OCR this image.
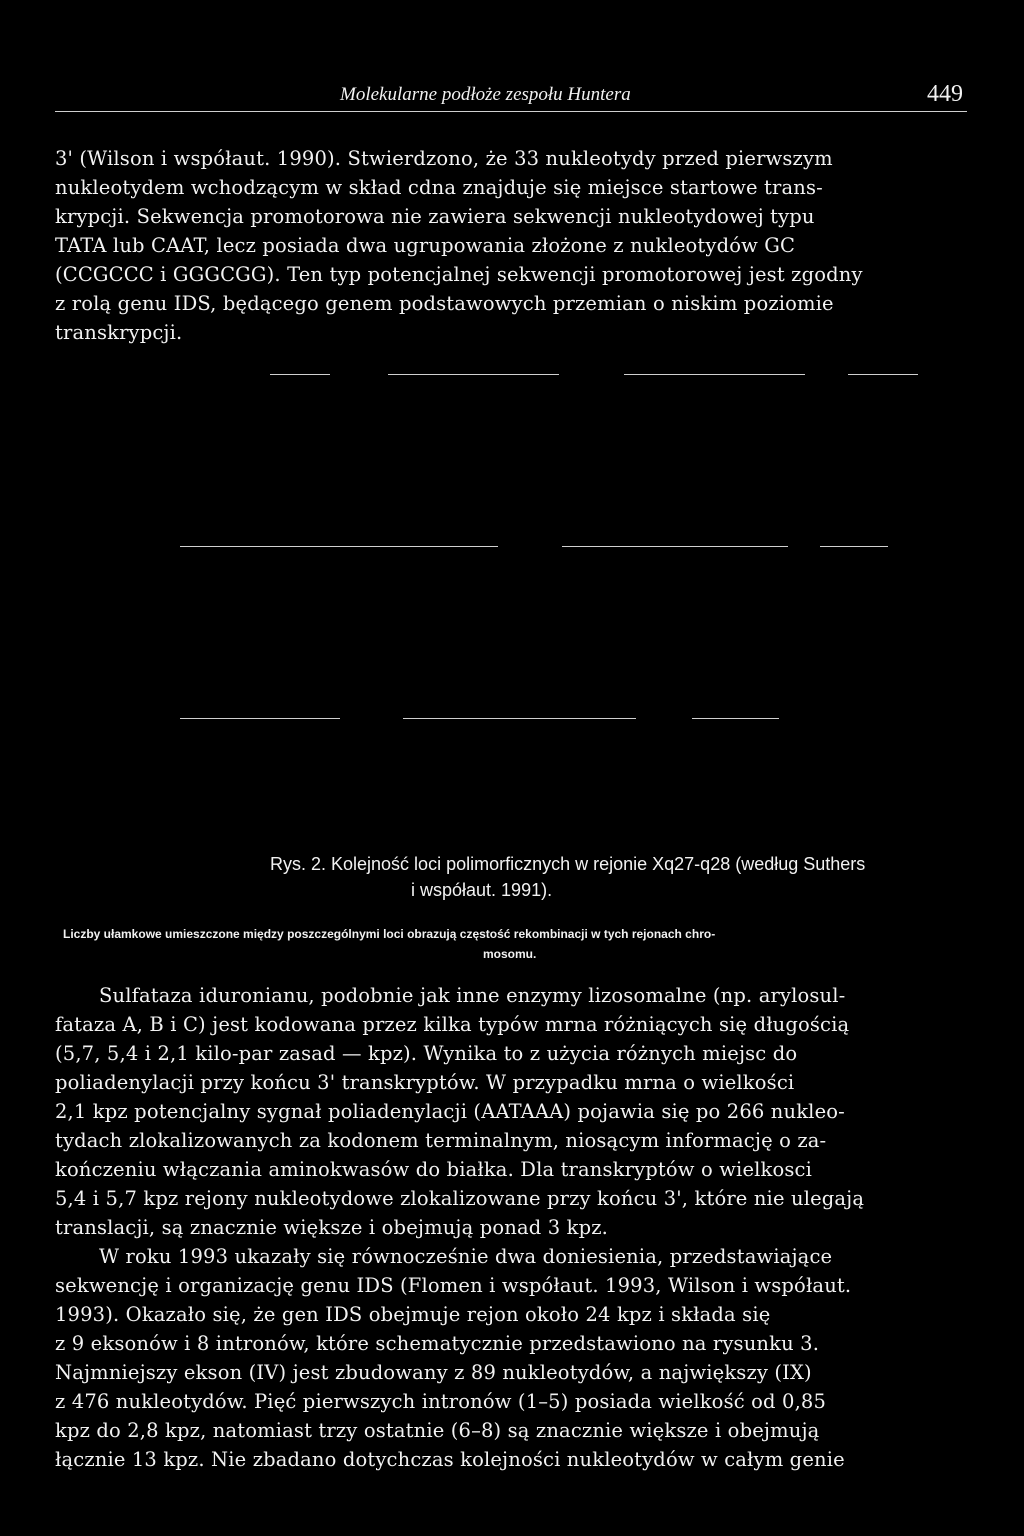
Molekularne podłoże zespołu Huntera	449
3' (Wilson i współaut. 1990). Stwierdzono, że 33 nukleotydy przed pierwszym
nukleotydem wchodzącym w skład cdna znajduje się miejsce startowe trans-
krypcji. Sekwencja promotorowa nie zawiera sekwencji nukleotydowej typu
TATA lub CAAT, lecz posiada dwa ugrupowania złożone z nukleotydów GC
(CCGCCC i GGGCGG). Ten typ potencjalnej sekwencji promotorowej jest zgodny
z rolą genu IDS, będącego genem podstawowych przemian o niskim poziomie
transkrypcji.
Rys. 2. Kolejność loci polimorficznych w rejonie Xq27-q28 (według Suthers
i współaut. 1991).
Liczby ułamkowe umieszczone między poszczególnymi loci obrazują częstość rekombinacji w tych rejonach chro-
mosomu.
Sulfataza iduronianu, podobnie jak inne enzymy lizosomalne (np. arylosul-
fataza A, B i C) jest kodowana przez kilka typów mrna różniących się długością
(5,7, 5,4 i 2,1 kilo-par zasad — kpz). Wynika to z użycia różnych miejsc do
poliadenylacji przy końcu 3' transkryptów. W przypadku mrna o wielkości
2,1 kpz potencjalny sygnał poliadenylacji (AATAAA) pojawia się po 266 nukleo-
tydach zlokalizowanych za kodonem terminalnym, niosącym informację o za-
kończeniu włączania aminokwasów do białka. Dla transkryptów o wielkosci
5,4 i 5,7 kpz rejony nukleotydowe zlokalizowane przy końcu 3', które nie ulegają
translacji, są znacznie większe i obejmują ponad 3 kpz.
W roku 1993 ukazały się równocześnie dwa doniesienia, przedstawiające
sekwencję i organizację genu IDS (Flomen i współaut. 1993, Wilson i współaut.
1993). Okazało się, że gen IDS obejmuje rejon około 24 kpz i składa się
z 9 eksonów i 8 intronów, które schematycznie przedstawiono na rysunku 3.
Najmniejszy ekson (IV) jest zbudowany z 89 nukleotydów, a największy (IX)
z 476 nukleotydów. Pięć pierwszych intronów (1–5) posiada wielkość od 0,85
kpz do 2,8 kpz, natomiast trzy ostatnie (6–8) są znacznie większe i obejmują
łącznie 13 kpz. Nie zbadano dotychczas kolejności nukleotydów w całym genie
